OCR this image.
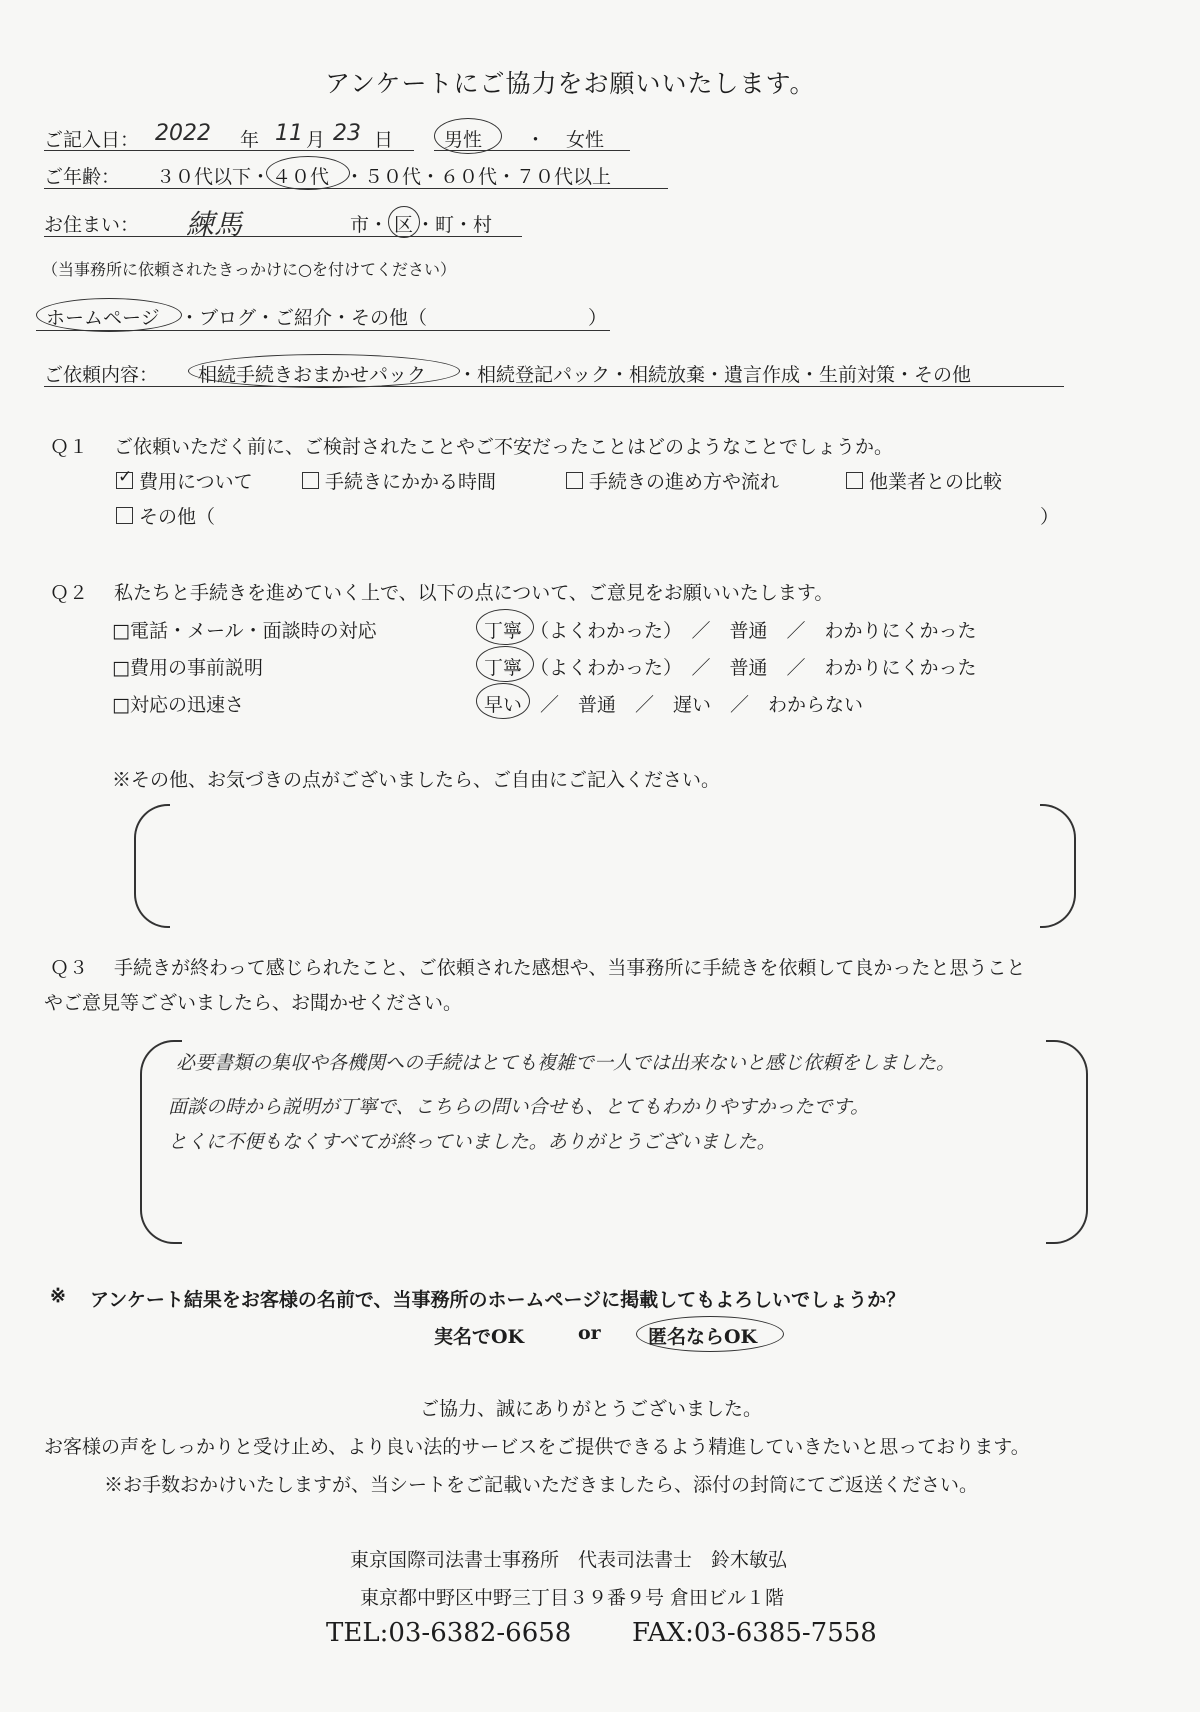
アンケートにご協力をお願いいたします。
ご記入日： 2022 年 11 月 23 日	男性 ・ 女性
ご年齢： ３０代以下・ ４０代 ・５０代・６０代・７０代以上
お住まい： 練馬	市・ 区 ・町・村
（当事務所に依頼されたきっかけに○を付けてください）
ホームページ ・ブログ・ご紹介・その他（	）
ご依頼内容： 相続手続きおまかせパック ・相続登記パック・相続放棄・遺言作成・生前対策・その他
Ｑ１ ご依頼いただく前に、ご検討されたことやご不安だったことはどのようなことでしょうか。
✓費用について	手続きにかかる時間	手続きの進め方や流れ	他業者との比較
その他（	）
Ｑ２ 私たちと手続きを進めていく上で、以下の点について、ご意見をお願いいたします。
□電話・メール・面談時の対応	丁寧 （よくわかった）　／　普通　／　わかりにくかった
□費用の事前説明	丁寧 （よくわかった）　／　普通　／　わかりにくかった
□対応の迅速さ	早い ／　普通　／　遅い　／　わからない
※その他、お気づきの点がございましたら、ご自由にご記入ください。
Ｑ３ 手続きが終わって感じられたこと、ご依頼された感想や、当事務所に手続きを依頼して良かったと思うこと
やご意見等ございましたら、お聞かせください。
必要書類の集収や各機関への手続はとても複雑で一人では出来ないと感じ依頼をしました。
面談の時から説明が丁寧で、こちらの問い合せも、とてもわかりやすかったです。
とくに不便もなくすべてが終っていました。ありがとうございました。
※ アンケート結果をお客様の名前で、当事務所のホームページに掲載してもよろしいでしょうか？
実名でOK	or 匿名ならOK
ご協力、誠にありがとうございました。
お客様の声をしっかりと受け止め、より良い法的サービスをご提供できるよう精進していきたいと思っております。
※お手数おかけいたしますが、当シートをご記載いただきましたら、添付の封筒にてご返送ください。
東京国際司法書士事務所　代表司法書士　鈴木敏弘
東京都中野区中野三丁目３９番９号 倉田ビル１階
TEL:03-6382-6658 FAX:03-6385-7558
